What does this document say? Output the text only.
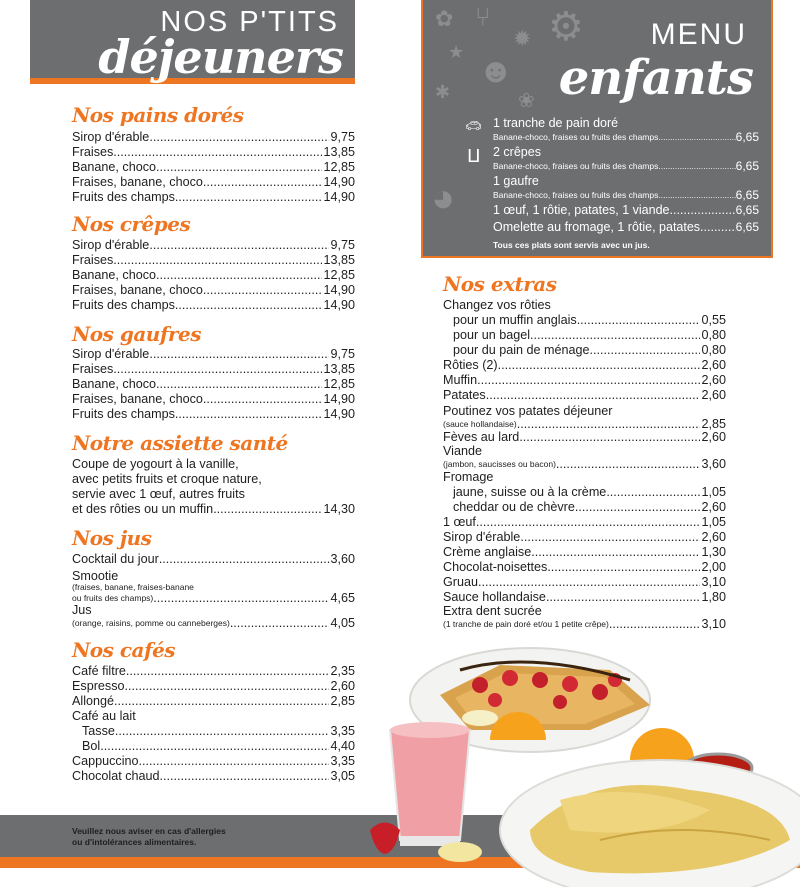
NOS P'TITS
déjeuners
✿ ⑂
✹
★ ☻
⚙
✱	❀
◕
MENU
enfants
🚗︎
ⵡ
1 tranche de pain doré
Banane-choco, fraises ou fruits des champs .....	6,65
2 crêpes
Banane-choco, fraises ou fruits des champs .....	6,65
1 gaufre
Banane-choco, fraises ou fruits des champs .....	6,65
1 œuf, 1 rôtie, patates, 1 viande .....	6,65
Omelette au fromage, 1 rôtie, patates. .....	6,65
Tous ces plats sont servis avec un jus.
Nos pains dorés
Sirop d'érable .....	9,75
Fraises .....	13,85
Banane, choco .....	12,85
Fraises, banane, choco .....	14,90
Fruits des champs .....	14,90
Nos crêpes
Sirop d'érable .....	9,75
Fraises .....	13,85
Banane, choco .....	12,85
Fraises, banane, choco .....	14,90
Fruits des champs .....	14,90
Nos gaufres
Sirop d'érable .....	9,75
Fraises .....	13,85
Banane, choco .....	12,85
Fraises, banane, choco .....	14,90
Fruits des champs .....	14,90
Notre assiette santé
Coupe de yogourt à la vanille,
avec petits fruits et croque nature,
servie avec 1 œuf, autres fruits
et des rôties ou un muffin .....	14,30
Nos jus
Cocktail du jour .....	3,60
Smootie
(fraises, banane, fraises-banane
ou fruits des champs) .....	4,65
Jus
(orange, raisins, pomme ou canneberges) .....	4,05
Nos cafés
Café filtre .....	2,35
Espresso .....	2,60
Allongé .....	2,85
Café au lait
Tasse .....	3,35
Bol .....	4,40
Cappuccino .....	3,35
Chocolat chaud .....	3,05
Nos extras
Changez vos rôties
pour un muffin anglais .....	0,55
pour un bagel .....	0,80
pour du pain de ménage .....	0,80
Rôties (2) .....	2,60
Muffin .....	2,60
Patates .....	2,60
Poutinez vos patates déjeuner
(sauce hollandaise) .....	2,85
Fèves au lard .....	2,60
Viande
(jambon, saucisses ou bacon) .....	3,60
Fromage
jaune, suisse ou à la crème .....	1,05
cheddar ou de chèvre .....	2,60
1 œuf .....	1,05
Sirop d'érable .....	2,60
Crème anglaise .....	1,30
Chocolat-noisettes .....	2,00
Gruau .....	3,10
Sauce hollandaise .....	1,80
Extra dent sucrée
(1 tranche de pain doré et/ou 1 petite crêpe) .....	3,10
Veuillez nous aviser en cas d'allergies
ou d'intolérances alimentaires.
